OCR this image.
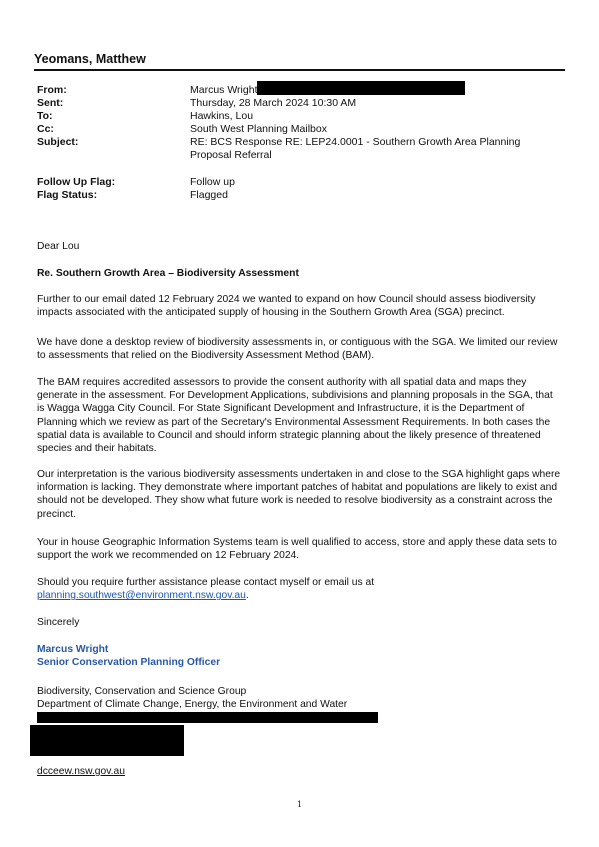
Yeomans, Matthew
From:	Marcus Wright
Sent:	Thursday, 28 March 2024 10:30 AM
To:	Hawkins, Lou
Cc:	South West Planning Mailbox
Subject:	RE: BCS Response RE: LEP24.0001 - Southern Growth Area Planning Proposal Referral
Follow Up Flag:	Follow up
Flag Status:	Flagged
Dear Lou
Re. Southern Growth Area – Biodiversity Assessment
Further to our email dated 12 February 2024 we wanted to expand on how Council should assess biodiversity impacts associated with the anticipated supply of housing in the Southern Growth Area (SGA) precinct.
We have done a desktop review of biodiversity assessments in, or contiguous with the SGA. We limited our review to assessments that relied on the Biodiversity Assessment Method (BAM).
The BAM requires accredited assessors to provide the consent authority with all spatial data and maps they generate in the assessment. For Development Applications, subdivisions and planning proposals in the SGA, that is Wagga Wagga City Council. For State Significant Development and Infrastructure, it is the Department of Planning which we review as part of the Secretary's Environmental Assessment Requirements. In both cases the spatial data is available to Council and should inform strategic planning about the likely presence of threatened species and their habitats.
Our interpretation is the various biodiversity assessments undertaken in and close to the SGA highlight gaps where information is lacking. They demonstrate where important patches of habitat and populations are likely to exist and should not be developed. They show what future work is needed to resolve biodiversity as a constraint across the precinct.
Your in house Geographic Information Systems team is well qualified to access, store and apply these data sets to support the work we recommended on 12 February 2024.
Should you require further assistance please contact myself or email us at
planning.southwest@environment.nsw.gov.au.
Sincerely
Marcus Wright
Senior Conservation Planning Officer
Biodiversity, Conservation and Science Group
Department of Climate Change, Energy, the Environment and Water
dcceew.nsw.gov.au
1
